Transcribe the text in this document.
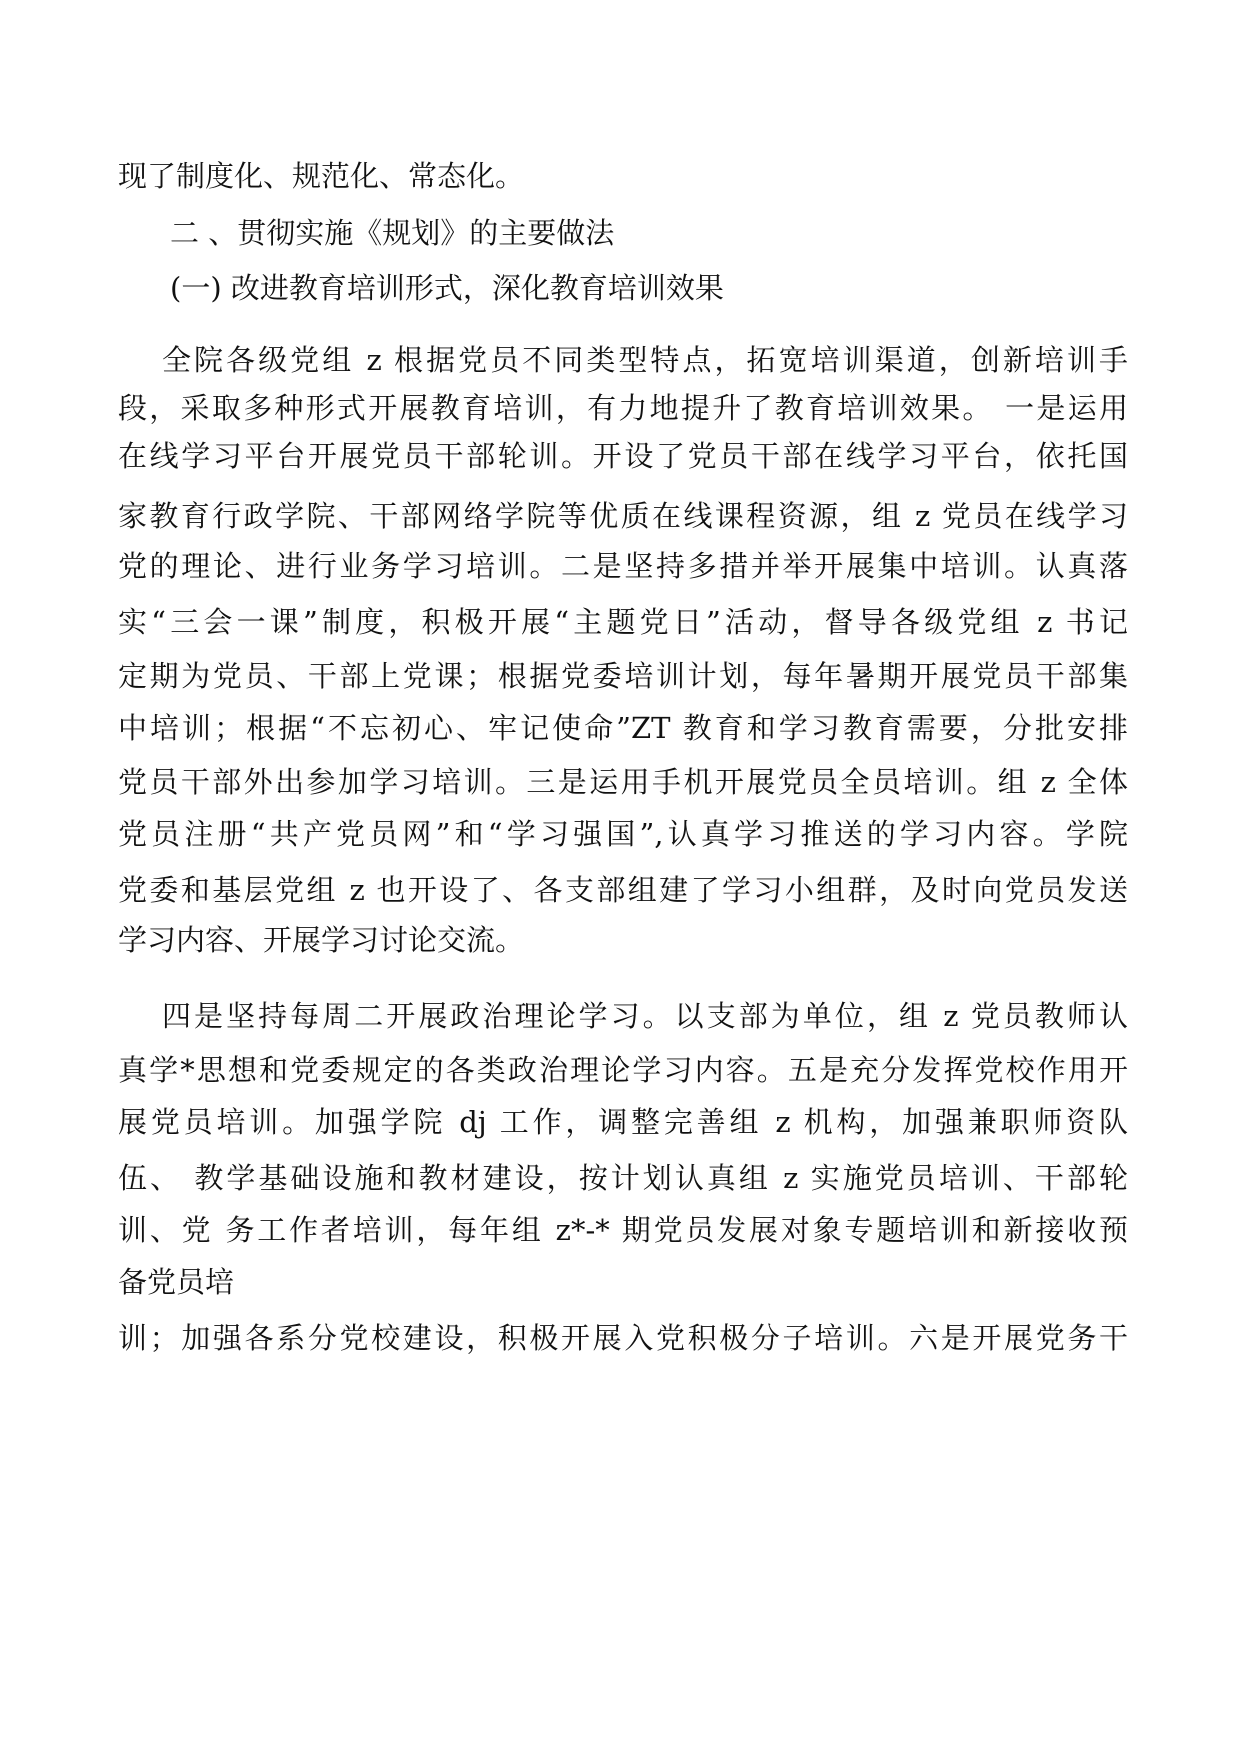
现了制度化、规范化、常态化。
二 、贯彻实施《规划》的主要做法
(一) 改进教育培训形式，深化教育培训效果
全院各级党组 z 根据党员不同类型特点，拓宽培训渠道，创新培训手
段，采取多种形式开展教育培训，有力地提升了教育培训效果。 一是运用
在线学习平台开展党员干部轮训。开设了党员干部在线学习平台，依托国
家教育行政学院、干部网络学院等优质在线课程资源，组 z 党员在线学习
党的理论、进行业务学习培训。二是坚持多措并举开展集中培训。认真落
实“三会一课”制度，积极开展“主题党日”活动，督导各级党组 z 书记
定期为党员、干部上党课；根据党委培训计划，每年暑期开展党员干部集
中培训；根据“不忘初心、牢记使命”ZT 教育和学习教育需要，分批安排
党员干部外出参加学习培训。三是运用手机开展党员全员培训。组 z 全体
党员注册“共产党员网”和“学习强国”,认真学习推送的学习内容。学院
党委和基层党组 z 也开设了、各支部组建了学习小组群，及时向党员发送
学习内容、开展学习讨论交流。
四是坚持每周二开展政治理论学习。以支部为单位，组 z 党员教师认
真学*思想和党委规定的各类政治理论学习内容。五是充分发挥党校作用开
展党员培训。加强学院 dj 工作，调整完善组 z 机构，加强兼职师资队
伍、 教学基础设施和教材建设，按计划认真组 z 实施党员培训、干部轮
训、党 务工作者培训，每年组 z*-* 期党员发展对象专题培训和新接收预
备党员培
训；加强各系分党校建设，积极开展入党积极分子培训。六是开展党务干
